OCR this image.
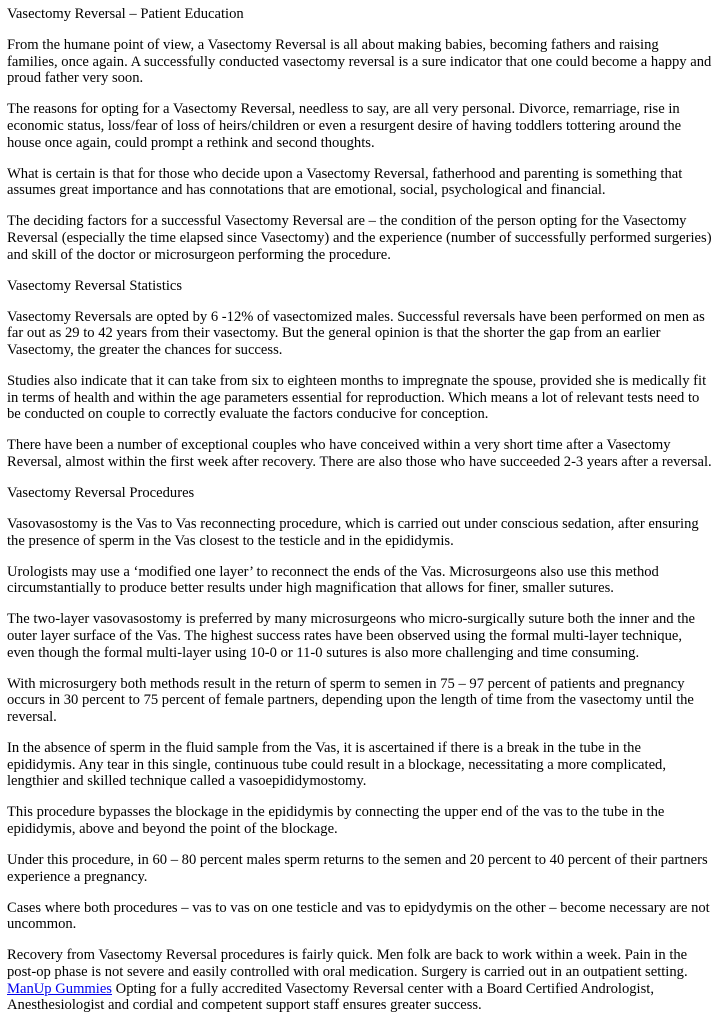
Vasectomy Reversal – Patient Education

From the humane point of view, a Vasectomy Reversal is all about making babies, becoming fathers and raising families, once again. A successfully conducted vasectomy reversal is a sure indicator that one could become a happy and proud father very soon.

The reasons for opting for a Vasectomy Reversal, needless to say, are all very personal. Divorce, remarriage, rise in economic status, loss/fear of loss of heirs/children or even a resurgent desire of having toddlers tottering around the house once again, could prompt a rethink and second thoughts.

What is certain is that for those who decide upon a Vasectomy Reversal, fatherhood and parenting is something that assumes great importance and has connotations that are emotional, social, psychological and financial.

The deciding factors for a successful Vasectomy Reversal are – the condition of the person opting for the Vasectomy Reversal (especially the time elapsed since Vasectomy) and the experience (number of successfully performed surgeries) and skill of the doctor or microsurgeon performing the procedure.

Vasectomy Reversal Statistics

Vasectomy Reversals are opted by 6 -12% of vasectomized males. Successful reversals have been performed on men as far out as 29 to 42 years from their vasectomy. But the general opinion is that the shorter the gap from an earlier Vasectomy, the greater the chances for success.

Studies also indicate that it can take from six to eighteen months to impregnate the spouse, provided she is medically fit in terms of health and within the age parameters essential for reproduction. Which means a lot of relevant tests need to be conducted on couple to correctly evaluate the factors conducive for conception.

There have been a number of exceptional couples who have conceived within a very short time after a Vasectomy Reversal, almost within the first week after recovery. There are also those who have succeeded 2-3 years after a reversal.

Vasectomy Reversal Procedures

Vasovasostomy is the Vas to Vas reconnecting procedure, which is carried out under conscious sedation, after ensuring the presence of sperm in the Vas closest to the testicle and in the epididymis.

Urologists may use a ‘modified one layer’ to reconnect the ends of the Vas. Microsurgeons also use this method circumstantially to produce better results under high magnification that allows for finer, smaller sutures.

The two-layer vasovasostomy is preferred by many microsurgeons who micro-surgically suture both the inner and the outer layer surface of the Vas. The highest success rates have been observed using the formal multi-layer technique, even though the formal multi-layer using 10-0 or 11-0 sutures is also more challenging and time consuming.

With microsurgery both methods result in the return of sperm to semen in 75 – 97 percent of patients and pregnancy occurs in 30 percent to 75 percent of female partners, depending upon the length of time from the vasectomy until the reversal.

In the absence of sperm in the fluid sample from the Vas, it is ascertained if there is a break in the tube in the epididymis. Any tear in this single, continuous tube could result in a blockage, necessitating a more complicated, lengthier and skilled technique called a vasoepididymostomy.

This procedure bypasses the blockage in the epididymis by connecting the upper end of the vas to the tube in the epididymis, above and beyond the point of the blockage.

Under this procedure, in 60 – 80 percent males sperm returns to the semen and 20 percent to 40 percent of their partners experience a pregnancy.

Cases where both procedures – vas to vas on one testicle and vas to epidydymis on the other – become necessary are not uncommon.

Recovery from Vasectomy Reversal procedures is fairly quick. Men folk are back to work within a week. Pain in the post-op phase is not severe and easily controlled with oral medication. Surgery is carried out in an outpatient setting. ManUp Gummies Opting for a fully accredited Vasectomy Reversal center with a Board Certified Andrologist, Anesthesiologist and cordial and competent support staff ensures greater success.
